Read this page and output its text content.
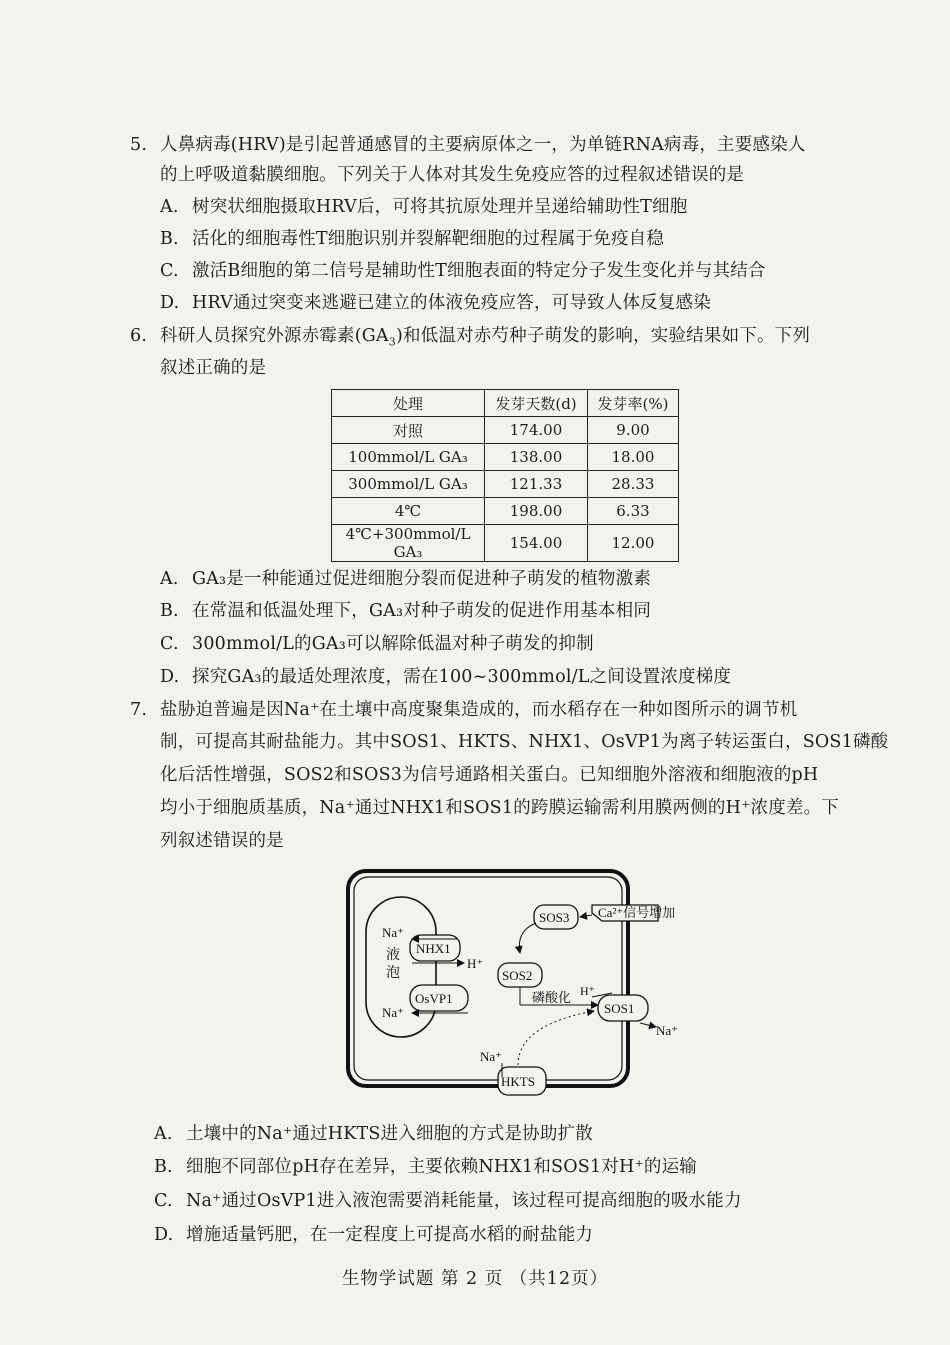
5. 人鼻病毒(HRV)是引起普通感冒的主要病原体之一，为单链RNA病毒，主要感染人
的上呼吸道黏膜细胞。下列关于人体对其发生免疫应答的过程叙述错误的是
A. 树突状细胞摄取HRV后，可将其抗原处理并呈递给辅助性T细胞
B. 活化的细胞毒性T细胞识别并裂解靶细胞的过程属于免疫自稳
C. 激活B细胞的第二信号是辅助性T细胞表面的特定分子发生变化并与其结合
D. HRV通过突变来逃避已建立的体液免疫应答，可导致人体反复感染
6. 科研人员探究外源赤霉素$(GA_3)$和低温对赤芍种子萌发的影响，实验结果如下。下列
叙述正确的是
处理	发芽天数(d)	发芽率(%)
对照	174.00	9.00
100mmol/L GA₃	138.00	18.00
300mmol/L GA₃	121.33	28.33
4℃	198.00	6.33
4℃+300mmol/L GA₃	154.00	12.00
A. GA₃是一种能通过促进细胞分裂而促进种子萌发的植物激素
B. 在常温和低温处理下，GA₃对种子萌发的促进作用基本相同
C. 300mmol/L的GA₃可以解除低温对种子萌发的抑制
D. 探究GA₃的最适处理浓度，需在100~300mmol/L之间设置浓度梯度
7. 盐胁迫普遍是因Na⁺在土壤中高度聚集造成的，而水稻存在一种如图所示的调节机
制，可提高其耐盐能力。其中SOS1、HKTS、NHX1、OsVP1为离子转运蛋白，SOS1磷酸
化后活性增强，SOS2和SOS3为信号通路相关蛋白。已知细胞外溶液和细胞液的pH
均小于细胞质基质，Na⁺通过NHX1和SOS1的跨膜运输需利用膜两侧的H⁺浓度差。下
列叙述错误的是
液
泡
Na⁺
Na⁺
NHX1
H⁺
OsVP1
SOS3 Ca²⁺信号增加
SOS2
磷酸化 H⁺
SOS1
Na⁺
HKTS
Na⁺
A. 土壤中的Na⁺通过HKTS进入细胞的方式是协助扩散
B. 细胞不同部位pH存在差异，主要依赖NHX1和SOS1对H⁺的运输
C. Na⁺通过OsVP1进入液泡需要消耗能量，该过程可提高细胞的吸水能力
D. 增施适量钙肥，在一定程度上可提高水稻的耐盐能力
生物学试题 第 2 页 （共12页）
